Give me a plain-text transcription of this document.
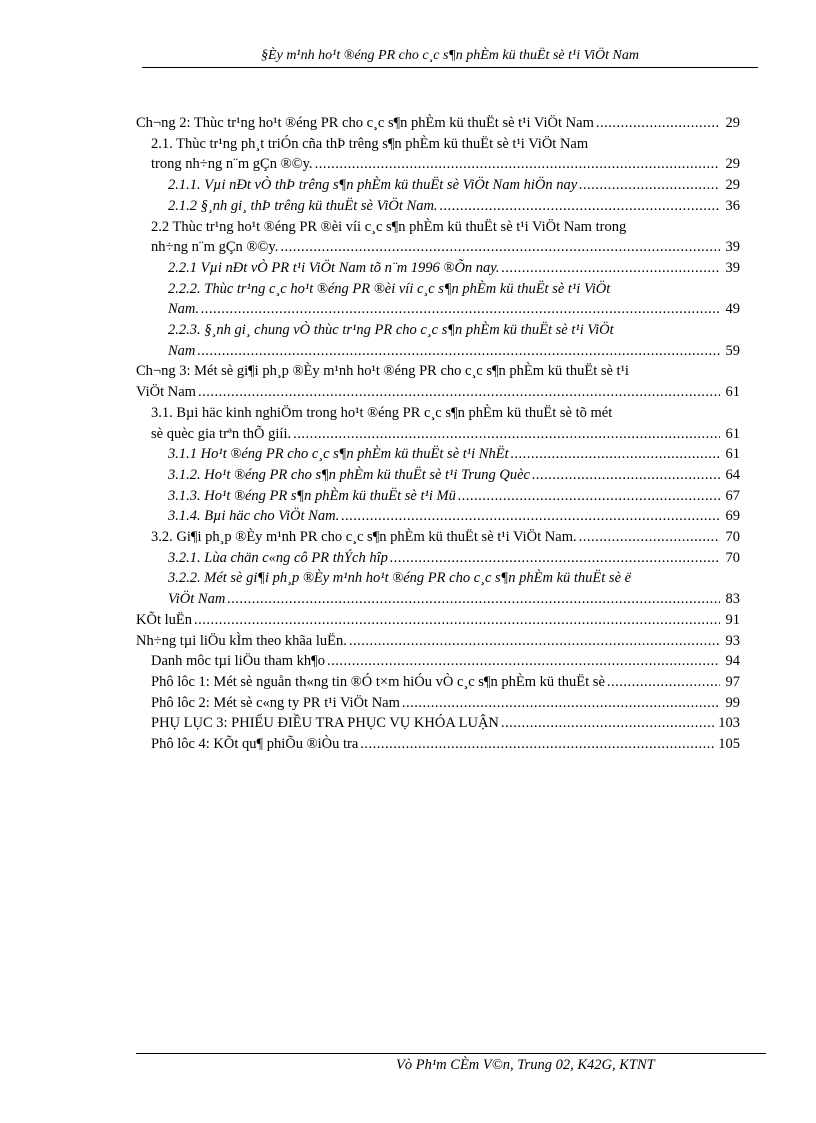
§Èy m¹nh ho¹t ®éng PR cho c¸c s¶n phÈm kü thuËt sè t¹i ViÖt Nam
Ch¬ng 2: Thùc tr¹ng ho¹t ®éng PR cho c¸c s¶n phÈm kü thuËt sè t¹i ViÖt Nam .....	29
2.1. Thùc tr¹ng ph¸t triÓn cña thÞ trêng s¶n phÈm kü thuËt sè t¹i ViÖt Nam
trong nh÷ng n¨m gÇn ®©y. .....	29
2.1.1. Vµi nÐt vÒ thÞ trêng s¶n phÈm kü thuËt sè ViÖt Nam hiÖn nay .....	29
2.1.2 §¸nh gi¸ thÞ trêng kü thuËt sè ViÖt Nam. .....	36
2.2 Thùc tr¹ng ho¹t ®éng PR ®èi víi c¸c s¶n phÈm kü thuËt sè t¹i ViÖt Nam trong
nh÷ng n¨m gÇn ®©y. .....	39
2.2.1 Vµi nÐt vÒ PR t¹i ViÖt Nam tõ n¨m 1996 ®Õn nay. .....	39
2.2.2. Thùc tr¹ng c¸c ho¹t ®éng PR ®èi víi c¸c s¶n phÈm kü thuËt sè t¹i ViÖt
Nam. .....	49
2.2.3. §¸nh gi¸ chung vÒ thùc tr¹ng PR cho c¸c s¶n phÈm kü thuËt sè t¹i ViÖt
Nam .....	59
Ch¬ng 3: Mét sè gi¶i ph¸p ®Èy m¹nh ho¹t ®éng PR cho c¸c s¶n phÈm kü thuËt sè t¹i
ViÖt Nam .....	61
3.1. Bµi häc kinh nghiÖm trong ho¹t ®éng PR c¸c s¶n phÈm kü thuËt sè tõ mét
sè quèc gia trªn thÕ giíi. .....	61
3.1.1 Ho¹t ®éng PR cho c¸c s¶n phÈm kü thuËt sè t¹i NhËt .....	61
3.1.2. Ho¹t ®éng PR cho s¶n phÈm kü thuËt sè t¹i Trung Quèc .....	64
3.1.3. Ho¹t ®éng PR s¶n phÈm kü thuËt sè t¹i Mü .....	67
3.1.4. Bµi häc cho ViÖt Nam. .....	69
3.2. Gi¶i ph¸p ®Èy m¹nh PR cho c¸c s¶n phÈm kü thuËt sè t¹i ViÖt Nam. .....	70
3.2.1. Lùa chän c«ng cô PR thÝch hîp .....	70
3.2.2. Mét sè gi¶i ph¸p ®Èy m¹nh ho¹t ®éng PR cho c¸c s¶n phÈm kü thuËt sè ë
ViÖt Nam .....	83
KÕt luËn .....	91
Nh÷ng tµi liÖu kÌm theo khãa luËn. .....	93
Danh môc tµi liÖu tham kh¶o .....	94
Phô lôc 1: Mét sè nguån th«ng tin ®Ó t×m hiÓu vÒ c¸c s¶n phÈm kü thuËt sè .....	97
Phô lôc 2: Mét sè c«ng ty PR t¹i ViÖt Nam .....	99
PHỤ LỤC 3: PHIẾU ĐIỀU TRA PHỤC VỤ KHÓA LUẬN .....	103
Phô lôc 4: KÕt qu¶ phiÕu ®iÒu tra .....	105
Vò Ph¹m CÈm V©n, Trung 02, K42G, KTNT
